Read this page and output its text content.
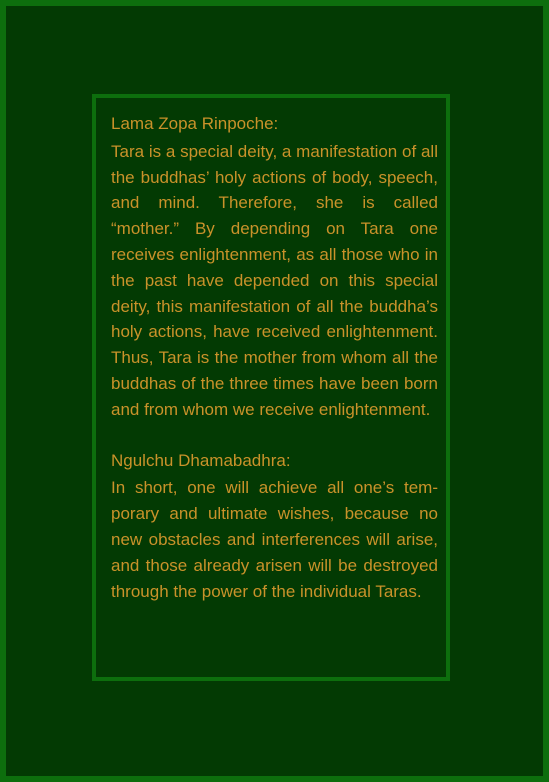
Lama Zopa Rinpoche:

Tara is a special deity, a manifestation of all the buddhas’ holy actions of body, speech, and mind. Therefore, she is called “mother.” By depending on Tara one receives enlightenment, as all those who in the past have depended on this special deity, this manifestation of all the buddha’s holy actions, have received enlightenment. Thus, Tara is the mother from whom all the buddhas of the three times have been born and from whom we receive enlightenment.

Ngulchu Dhamabadhra:

In short, one will achieve all one’s temporary and ultimate wishes, because no new obstacles and interferences will arise, and those already arisen will be destroyed through the power of the individual Taras.
